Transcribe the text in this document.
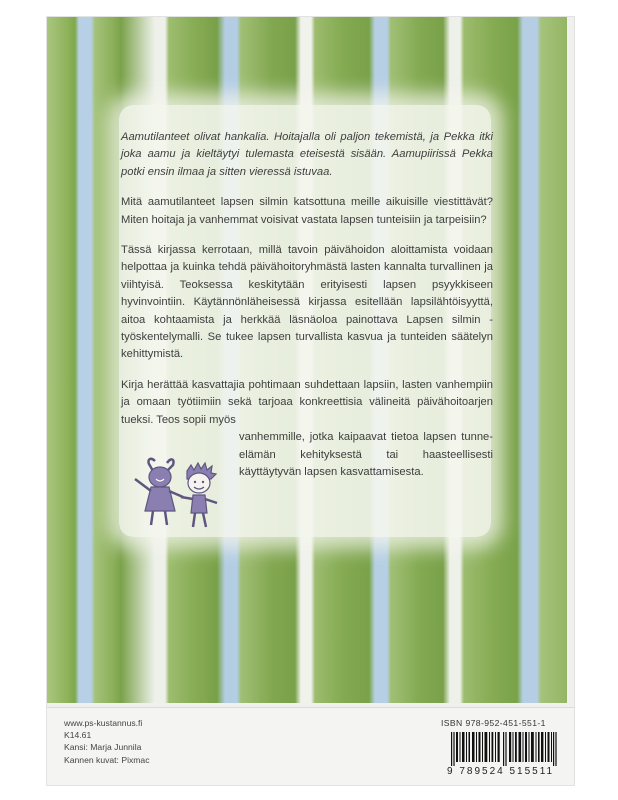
Aamutilanteet olivat hankalia. Hoitajalla oli paljon tekemistä, ja Pekka itki joka aamu ja kieltäytyi tulemasta eteisestä sisään. Aamupiirissä Pekka potki ensin ilmaa ja sitten vieressä istuvaa.

Mitä aamutilanteet lapsen silmin katsottuna meille aikuisille viestittävät? Miten hoitaja ja vanhemmat voisivat vastata lapsen tunteisiin ja tarpeisiin?

Tässä kirjassa kerrotaan, millä tavoin päivähoidon aloittamista voidaan helpottaa ja kuinka tehdä päivähoitoryhmästä lasten kannalta turvallinen ja viihtyisä. Teoksessa keskitytään erityisesti lapsen psyykkiseen hyvinvointiin. Käytännönläheisessä kirjassa esitellään lapsilähtöisyyttä, aitoa kohtaamista ja herkkää läsnäoloa painottava Lapsen silmin -työskentelymalli. Se tukee lapsen turvallista kasvua ja tunteiden säätelyn kehittymistä.

Kirja herättää kasvattajia pohtimaan suhdettaan lapsiin, lasten vanhempiin ja omaan työtiimiin sekä tarjoaa konkreettisia välineitä päivähoitoarjen tueksi. Teos sopii myös

vanhemmille, jotka kaipaavat tietoa lapsen tunne-elämän kehityksestä tai haasteellisesti käyttäytyvän lapsen kasvattamisesta.

www.ps-kustannus.fi
K14.61
Kansi: Marja Junnila
Kannen kuvat: Pixmac
ISBN 978-952-451-551-1
9 789524 515511
